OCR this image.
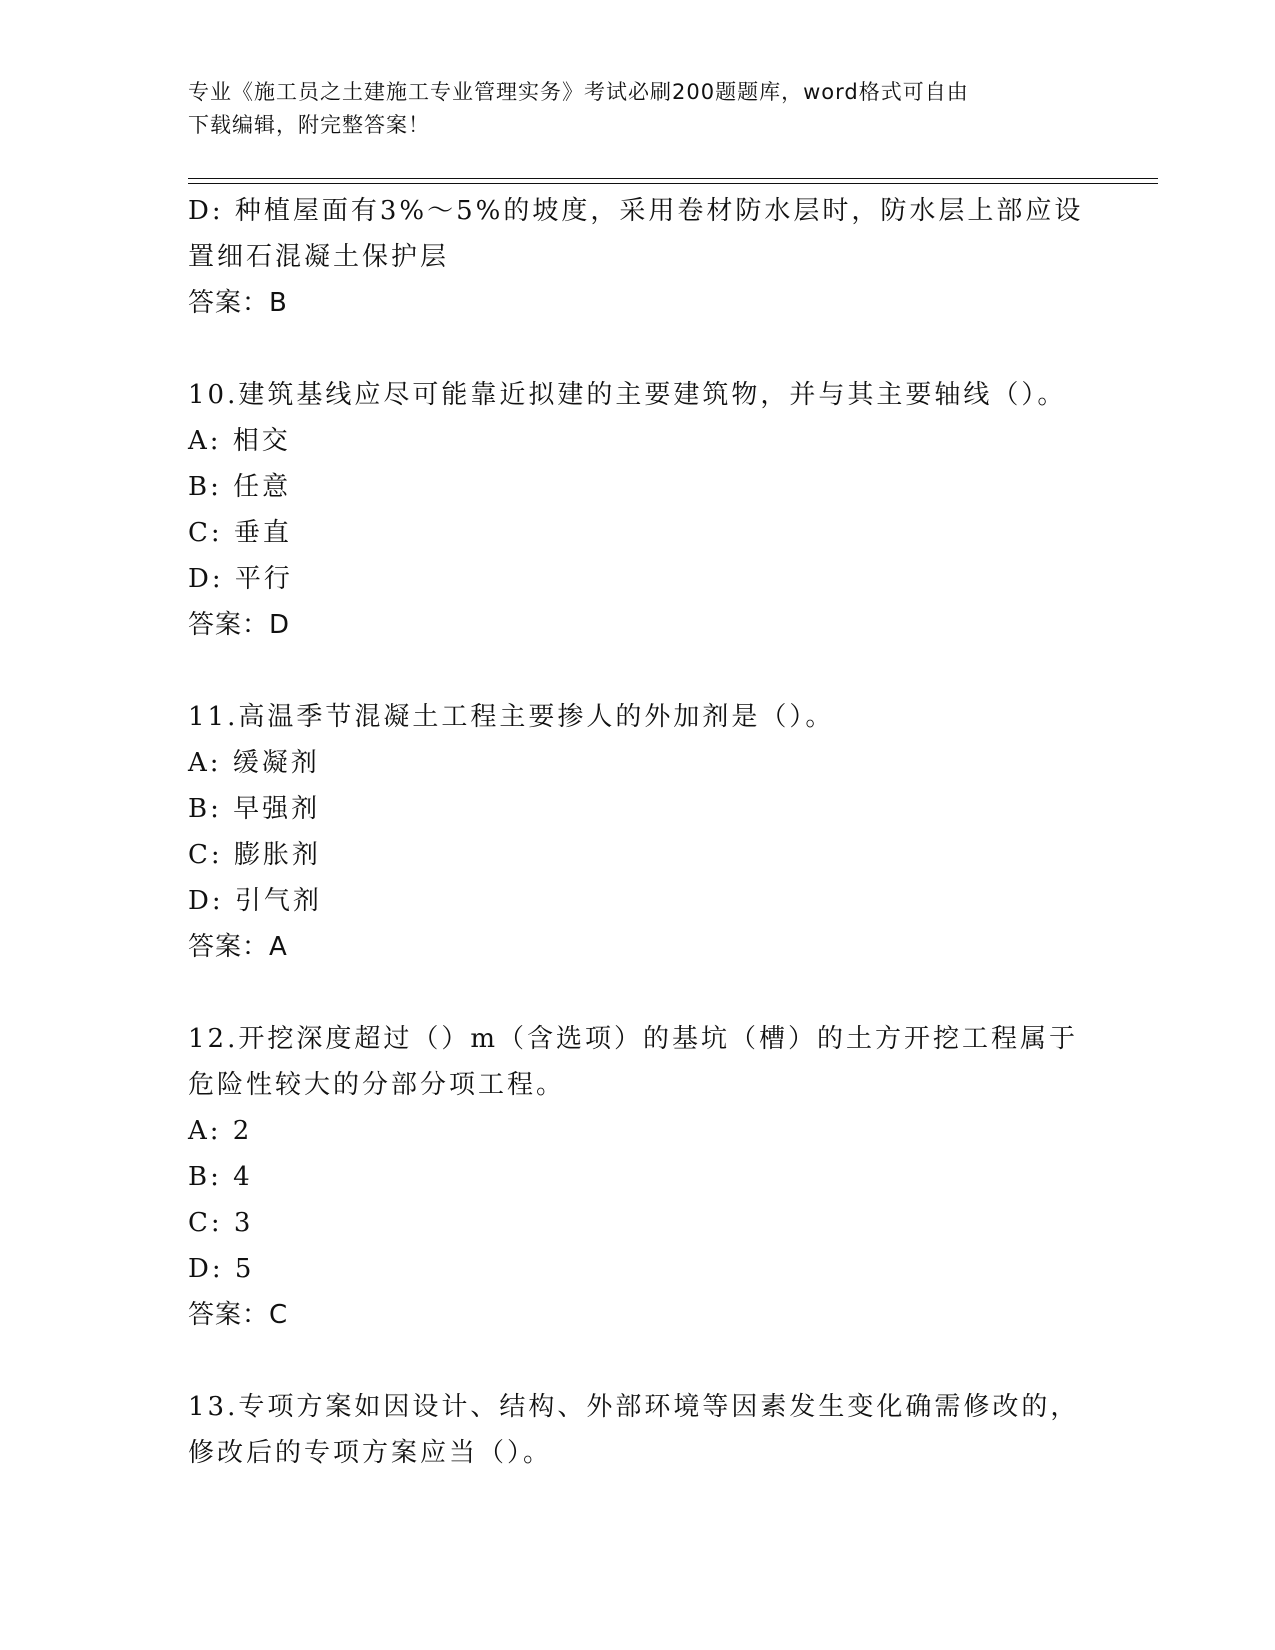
专业《施工员之土建施工专业管理实务》考试必刷200题题库，word格式可自由
下载编辑，附完整答案！
D: 种植屋面有3%～5%的坡度，采用卷材防水层时，防水层上部应设
置细石混凝土保护层
答案：B
10.建筑基线应尽可能靠近拟建的主要建筑物，并与其主要轴线（）。
A: 相交
B: 任意
C: 垂直
D: 平行
答案：D
11.高温季节混凝土工程主要掺人的外加剂是（）。
A: 缓凝剂
B: 早强剂
C: 膨胀剂
D: 引气剂
答案：A
12.开挖深度超过（）m（含选项）的基坑（槽）的土方开挖工程属于
危险性较大的分部分项工程。
A: 2
B: 4
C: 3
D: 5
答案：C
13.专项方案如因设计、结构、外部环境等因素发生变化确需修改的，
修改后的专项方案应当（）。
